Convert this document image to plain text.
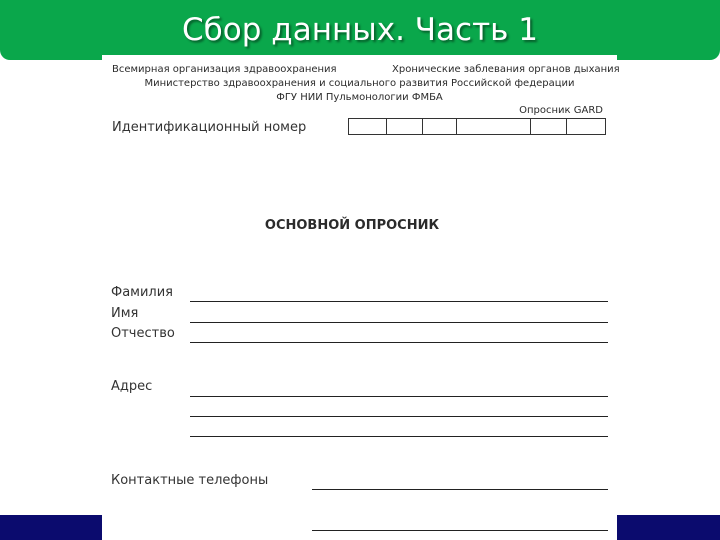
Сбор данных. Часть 1
Всемирная организация здравоохранения	Хронические заблевания органов дыхания
Министерство здравоохранения и социального развития Российской федерации
ФГУ НИИ Пульмонологии ФМБА
Опросник GARD
Идентификационный номер
ОСНОВНОЙ ОПРОСНИК
Фамилия
Имя
Отчество
Адрес
Контактные телефоны
